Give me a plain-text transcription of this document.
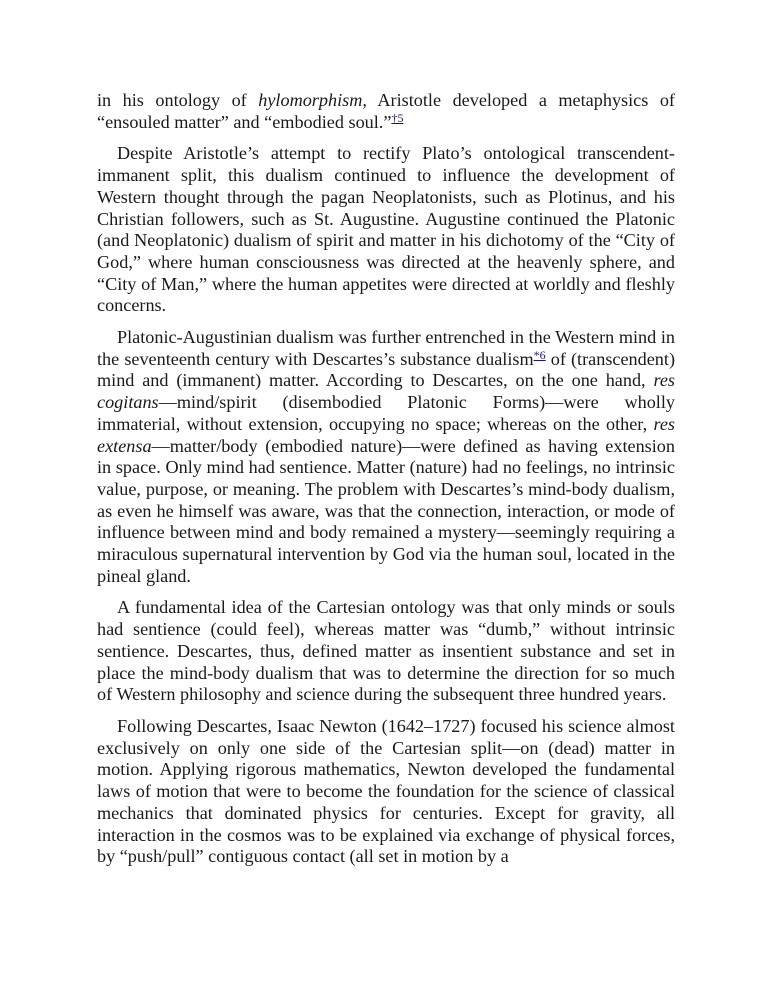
in his ontology of hylomorphism, Aristotle developed a metaphysics of “ensouled matter” and “embodied soul.”$^{\dagger 5}$

Despite Aristotle’s attempt to rectify Plato’s ontological transcendent-immanent split, this dualism continued to influence the development of Western thought through the pagan Neoplatonists, such as Plotinus, and his Christian followers, such as St. Augustine. Augustine continued the Platonic (and Neoplatonic) dualism of spirit and matter in his dichotomy of the “City of God,” where human consciousness was directed at the heavenly sphere, and “City of Man,” where the human appetites were directed at worldly and fleshly concerns.

Platonic-Augustinian dualism was further entrenched in the Western mind in the seventeenth century with Descartes’s substance dualism$^{*6}$ of (transcendent) mind and (immanent) matter. According to Descartes, on the one hand, res cogitans—mind/spirit (disembodied Platonic Forms)—were wholly immaterial, without extension, occupying no space; whereas on the other, res extensa—matter/body (embodied nature)—were defined as having extension in space. Only mind had sentience. Matter (nature) had no feelings, no intrinsic value, purpose, or meaning. The problem with Descartes’s mind-body dualism, as even he himself was aware, was that the connection, interaction, or mode of influence between mind and body remained a mystery—seemingly requiring a miraculous supernatural intervention by God via the human soul, located in the pineal gland.

A fundamental idea of the Cartesian ontology was that only minds or souls had sentience (could feel), whereas matter was “dumb,” without intrinsic sentience. Descartes, thus, defined matter as insentient substance and set in place the mind-body dualism that was to determine the direction for so much of Western philosophy and science during the subsequent three hundred years.

Following Descartes, Isaac Newton (1642–1727) focused his science almost exclusively on only one side of the Cartesian split—on (dead) matter in motion. Applying rigorous mathematics, Newton developed the fundamental laws of motion that were to become the foundation for the science of classical mechanics that dominated physics for centuries. Except for gravity, all interaction in the cosmos was to be explained via exchange of physical forces, by “push/pull” contiguous contact (all set in motion by a
